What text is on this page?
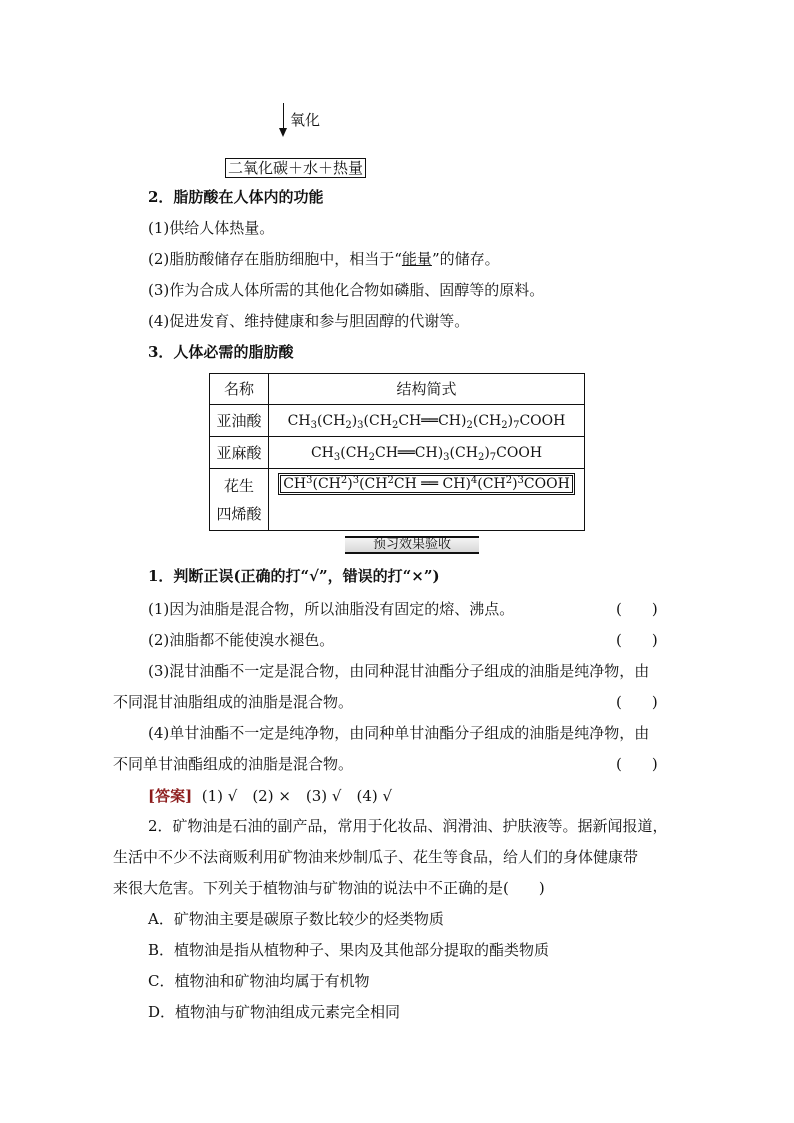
氧化
二氧化碳＋水＋热量
2．脂肪酸在人体内的功能
(1)供给人体热量。
(2)脂肪酸储存在脂肪细胞中，相当于“能量”的储存。
(3)作为合成人体所需的其他化合物如磷脂、固醇等的原料。
(4)促进发育、维持健康和参与胆固醇的代谢等。
3．人体必需的脂肪酸
名称	结构简式
亚油酸	$CH_3(CH_2)_3(CH_2CH══CH)_2(CH_2)_7COOH$
亚麻酸	$CH_3(CH_2CH══CH)_3(CH_2)_7COOH$
花生
四烯酸	$CH^3(CH^2)^3(CH^2CH$ ══ $CH)^4(CH^2)^3COOH$
预习效果验收
1．判断正误(正确的打“√”，错误的打“×”)
(1)因为油脂是混合物，所以油脂没有固定的熔、沸点。	(　　)
(2)油脂都不能使溴水褪色。	(　　)
(3)混甘油酯不一定是混合物，由同种混甘油酯分子组成的油脂是纯净物，由
不同混甘油脂组成的油脂是混合物。	(　　)
(4)单甘油酯不一定是纯净物，由同种单甘油酯分子组成的油脂是纯净物，由
不同单甘油酯组成的油脂是混合物。	(　　)
[答案] (1) √　(2) ×　(3) √　(4) √
2．矿物油是石油的副产品，常用于化妆品、润滑油、护肤液等。据新闻报道，
生活中不少不法商贩利用矿物油来炒制瓜子、花生等食品，给人们的身体健康带
来很大危害。下列关于植物油与矿物油的说法中不正确的是(　　)
A．矿物油主要是碳原子数比较少的烃类物质
B．植物油是指从植物种子、果肉及其他部分提取的酯类物质
C．植物油和矿物油均属于有机物
D．植物油与矿物油组成元素完全相同
